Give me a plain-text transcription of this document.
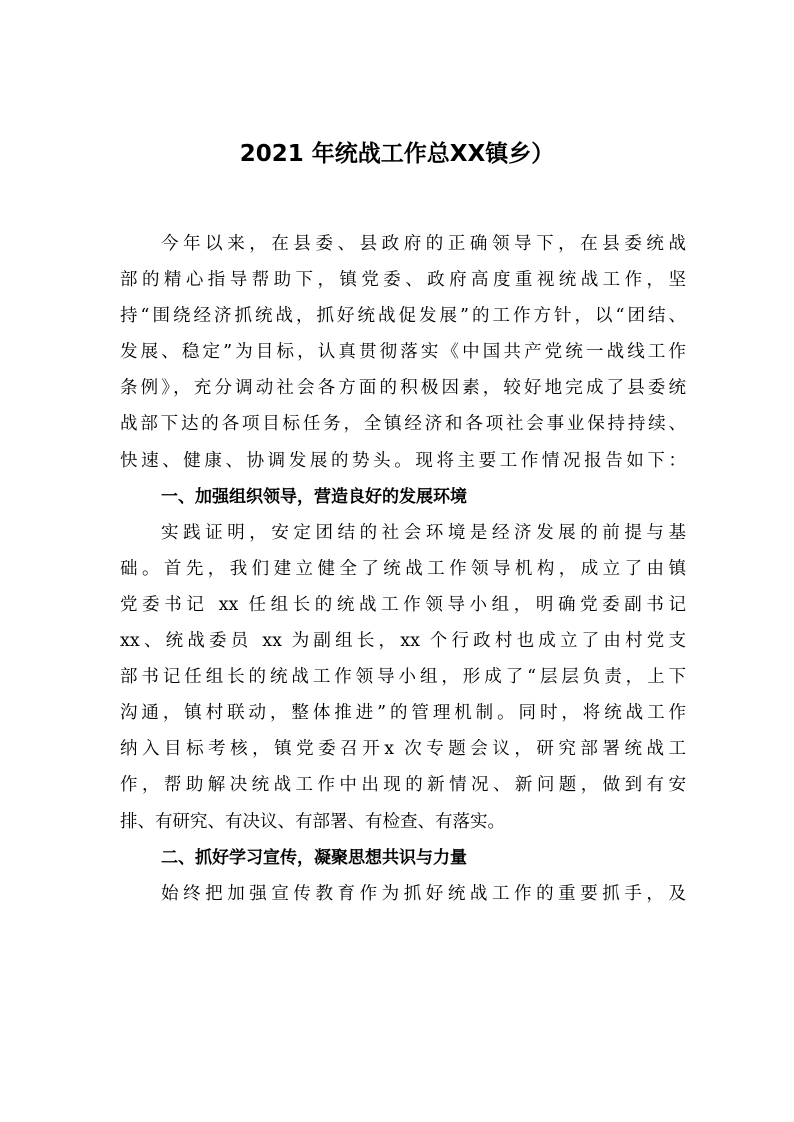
2021 年统战工作总XX镇乡）
今年以来，在县委、县政府的正确领导下，在县委统战
部的精心指导帮助下，镇党委、政府高度重视统战工作，坚
持“围绕经济抓统战，抓好统战促发展”的工作方针，以“团结、
发展、稳定”为目标，认真贯彻落实《中国共产党统一战线工作
条例》，充分调动社会各方面的积极因素，较好地完成了县委统
战部下达的各项目标任务，全镇经济和各项社会事业保持持续、
快速、健康、协调发展的势头。现将主要工作情况报告如下：
一、加强组织领导，营造良好的发展环境
实践证明，安定团结的社会环境是经济发展的前提与基
础。首先，我们建立健全了统战工作领导机构，成立了由镇
党委书记 xx 任组长的统战工作领导小组，明确党委副书记
xx、统战委员 xx 为副组长，xx 个行政村也成立了由村党支
部书记任组长的统战工作领导小组，形成了“层层负责，上下
沟通，镇村联动，整体推进”的管理机制。同时，将统战工作
纳入目标考核，镇党委召开x 次专题会议，研究部署统战工
作，帮助解决统战工作中出现的新情况、新问题，做到有安
排、有研究、有决议、有部署、有检查、有落实。
二、抓好学习宣传，凝聚思想共识与力量
始终把加强宣传教育作为抓好统战工作的重要抓手，及
